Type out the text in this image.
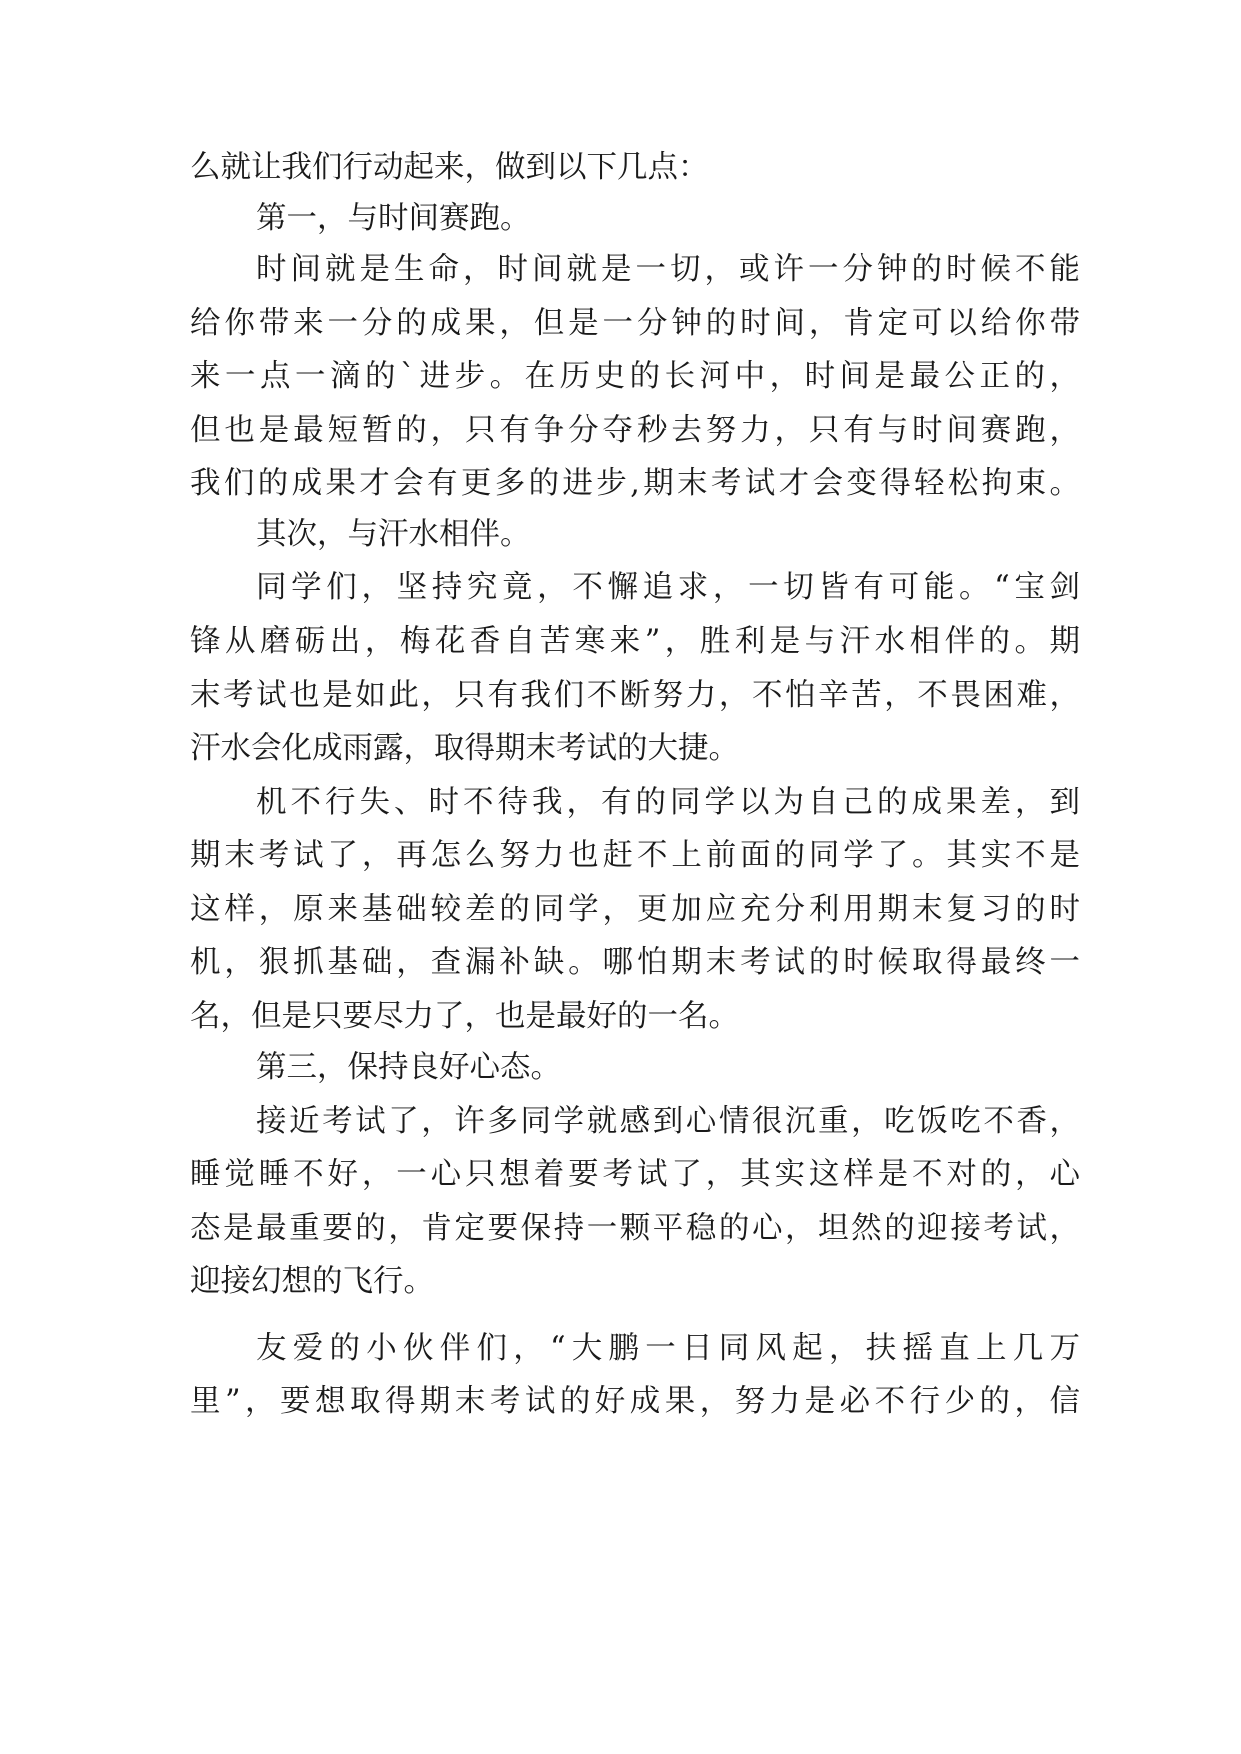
么就让我们行动起来，做到以下几点：
第一，与时间赛跑。
时间就是生命，时间就是一切，或许一分钟的时候不能
给你带来一分的成果，但是一分钟的时间，肯定可以给你带
来一点一滴的`进步。在历史的长河中，时间是最公正的，
但也是最短暂的，只有争分夺秒去努力，只有与时间赛跑，
我们的成果才会有更多的进步,期末考试才会变得轻松拘束。
其次，与汗水相伴。
同学们，坚持究竟，不懈追求，一切皆有可能。“宝剑
锋从磨砺出，梅花香自苦寒来”，胜利是与汗水相伴的。期
末考试也是如此，只有我们不断努力，不怕辛苦，不畏困难，
汗水会化成雨露，取得期末考试的大捷。
机不行失、时不待我，有的同学以为自己的成果差，到
期末考试了，再怎么努力也赶不上前面的同学了。其实不是
这样，原来基础较差的同学，更加应充分利用期末复习的时
机，狠抓基础，查漏补缺。哪怕期末考试的时候取得最终一
名，但是只要尽力了，也是最好的一名。
第三，保持良好心态。
接近考试了，许多同学就感到心情很沉重，吃饭吃不香，
睡觉睡不好，一心只想着要考试了，其实这样是不对的，心
态是最重要的，肯定要保持一颗平稳的心，坦然的迎接考试，
迎接幻想的飞行。
友爱的小伙伴们，“大鹏一日同风起，扶摇直上几万
里”，要想取得期末考试的好成果，努力是必不行少的，信
